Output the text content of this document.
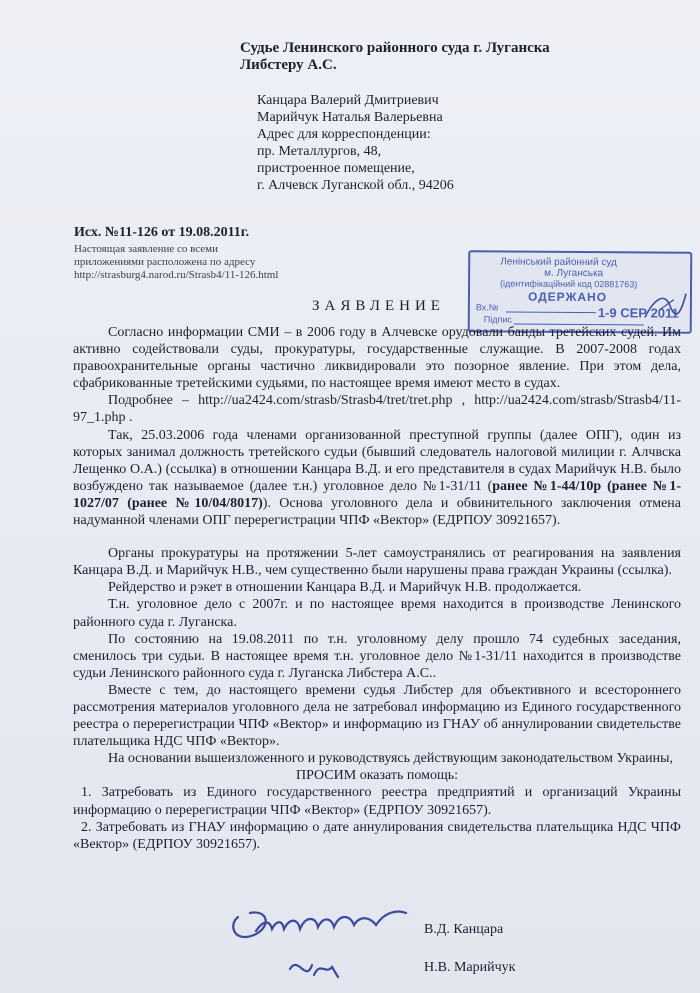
Судье Ленинского районного суда г. Луганска
Либстеру А.С.
Канцара Валерий Дмитриевич
Марийчук Наталья Валерьевна
Адрес для корреспонденции:
пр. Металлургов, 48,
пристроенное помещение,
г. Алчевск Луганской обл., 94206
Исх. №11-126 от 19.08.2011г.
Настоящая заявление со всеми
приложениями расположена по адресу
http://strasburg4.narod.ru/Strasb4/11-126.html
Ленінський районний суд
м. Луганська
(ідентифікаційний код 02881763)
ОДЕРЖАНО
Вх.№	1-9 СЕР 2011
Підпис
ЗАЯВЛЕНИЕ

Согласно информации СМИ – в 2006 году в Алчевске орудовали банды третейских судей. Им активно содействовали суды, прокуратуры, государственные служащие. В 2007-2008 годах правоохранительные органы частично ликвидировали это позорное явление. При этом дела, сфабрикованные третейскими судьями, по настоящее время имеют место в судах.

Подробнее – http://ua2424.com/strasb/Strasb4/tret/tret.php , http://ua2424.com/strasb/Strasb4/11-97_1.php .

Так, 25.03.2006 года членами организованной преступной группы (далее ОПГ), один из которых занимал должность третейского судьи (бывший следователь налоговой милиции г. Алчвска Лещенко О.А.) (ссылка) в отношении Канцара В.Д. и его представителя в судах Марийчук Н.В. было возбуждено так называемое (далее т.н.) уголовное дело №1-31/11 (ранее №1-44/10р (ранее №1-1027/07 (ранее №10/04/8017)). Основа уголовного дела и обвинительного заключения отмена надуманной членами ОПГ перерегистрации ЧПФ «Вектор» (ЕДРПОУ 30921657).

Органы прокуратуры на протяжении 5-лет самоустранялись от реагирования на заявления Канцара В.Д. и Марийчук Н.В., чем существенно были нарушены права граждан Украины (ссылка).

Рейдерство и рэкет в отношении Канцара В.Д. и Марийчук Н.В. продолжается.

Т.н. уголовное дело с 2007г. и по настоящее время находится в производстве Ленинского районного суда г. Луганска.

По состоянию на 19.08.2011 по т.н. уголовному делу прошло 74 судебных заседания, сменилось три судьи. В настоящее время т.н. уголовное дело №1-31/11 находится в производстве судьи Ленинского районного суда г. Луганска Либстера А.С..

Вместе с тем, до настоящего времени судья Либстер для объективного и всестороннего рассмотрения материалов уголовного дела не затребовал информацию из Единого государственного реестра о перерегистрации ЧПФ «Вектор» и информацию из ГНАУ об аннулировании свидетельстве плательщика НДС ЧПФ «Вектор».

На основании вышеизложенного и руководствуясь действующим законодательством Украины,

ПРОСИМ оказать помощь:

1. Затребовать из Единого государственного реестра предприятий и организаций Украины информацию о перерегистрации ЧПФ «Вектор» (ЕДРПОУ 30921657).

2. Затребовать из ГНАУ информацию о дате аннулирования свидетельства плательщика НДС ЧПФ «Вектор» (ЕДРПОУ 30921657).

В.Д. Канцара
Н.В. Марийчук
